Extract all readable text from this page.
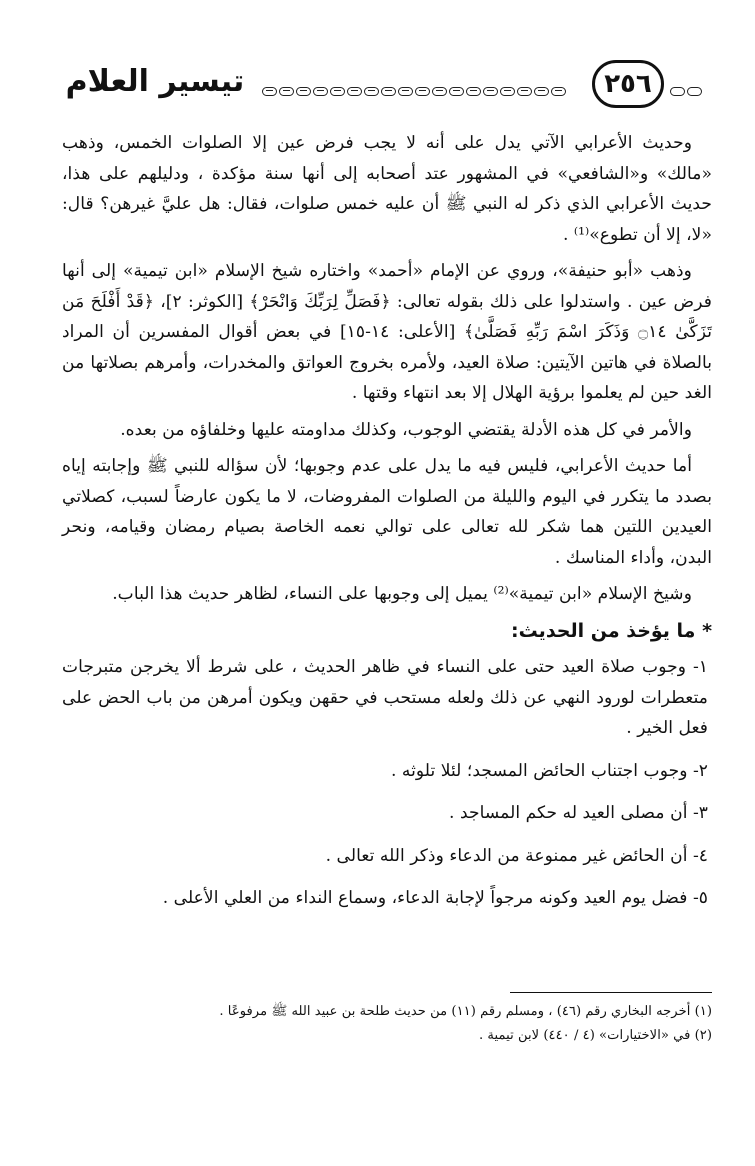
تيسير العلام	٢٥٦

وحديث الأعرابي الآتي يدل على أنه لا يجب فرض عين إلا الصلوات الخمس، وذهب «مالك» و«الشافعي» في المشهور عتد أصحابه إلى أنها سنة مؤكدة ، ودليلهم على هذا، حديث الأعرابي الذي ذكر له النبي ﷺ أن عليه خمس صلوات، فقال: هل عليَّ غيرهن؟ قال: «لا، إلا أن تطوع»⁽¹⁾ .

وذهب «أبو حنيفة»، وروي عن الإمام «أحمد» واختاره شيخ الإسلام «ابن تيمية» إلى أنها فرض عين . واستدلوا على ذلك بقوله تعالى: ﴿فَصَلِّ لِرَبِّكَ وَانْحَرْ﴾ [الكوثر: ٢]، ﴿قَدْ أَفْلَحَ مَن تَزَكَّىٰ ۝١٤ وَذَكَرَ اسْمَ رَبِّهِ فَصَلَّىٰ﴾ [الأعلى: ١٤-١٥] في بعض أقوال المفسرين أن المراد بالصلاة في هاتين الآيتين: صلاة العيد، ولأمره بخروج العواتق والمخدرات، وأمرهم بصلاتها من الغد حين لم يعلموا برؤية الهلال إلا بعد انتهاء وقتها .

والأمر في كل هذه الأدلة يقتضي الوجوب، وكذلك مداومته عليها وخلفاؤه من بعده.

أما حديث الأعرابي، فليس فيه ما يدل على عدم وجوبها؛ لأن سؤاله للنبي ﷺ وإجابته إياه بصدد ما يتكرر في اليوم والليلة من الصلوات المفروضات، لا ما يكون عارضاً لسبب، كصلاتي العيدين اللتين هما شكر لله تعالى على توالي نعمه الخاصة بصيام رمضان وقيامه، ونحر البدن، وأداء المناسك .

وشيخ الإسلام «ابن تيمية»⁽²⁾ يميل إلى وجوبها على النساء، لظاهر حديث هذا الباب.

* ما يؤخذ من الحديث:
١- وجوب صلاة العيد حتى على النساء في ظاهر الحديث ، على شرط ألا يخرجن متبرجات متعطرات لورود النهي عن ذلك ولعله مستحب في حقهن ويكون أمرهن من باب الحض على فعل الخير .
٢- وجوب اجتناب الحائض المسجد؛ لئلا تلوثه .
٣- أن مصلى العيد له حكم المساجد .
٤- أن الحائض غير ممنوعة من الدعاء وذكر الله تعالى .
٥- فضل يوم العيد وكونه مرجواً لإجابة الدعاء، وسماع النداء من العلي الأعلى .
(١) أخرجه البخاري رقم (٤٦) ، ومسلم رقم (١١) من حديث طلحة بن عبيد الله ﷺ مرفوعًا .
(٢) في «الاختيارات» (٤ / ٤٤٠) لابن تيمية .
